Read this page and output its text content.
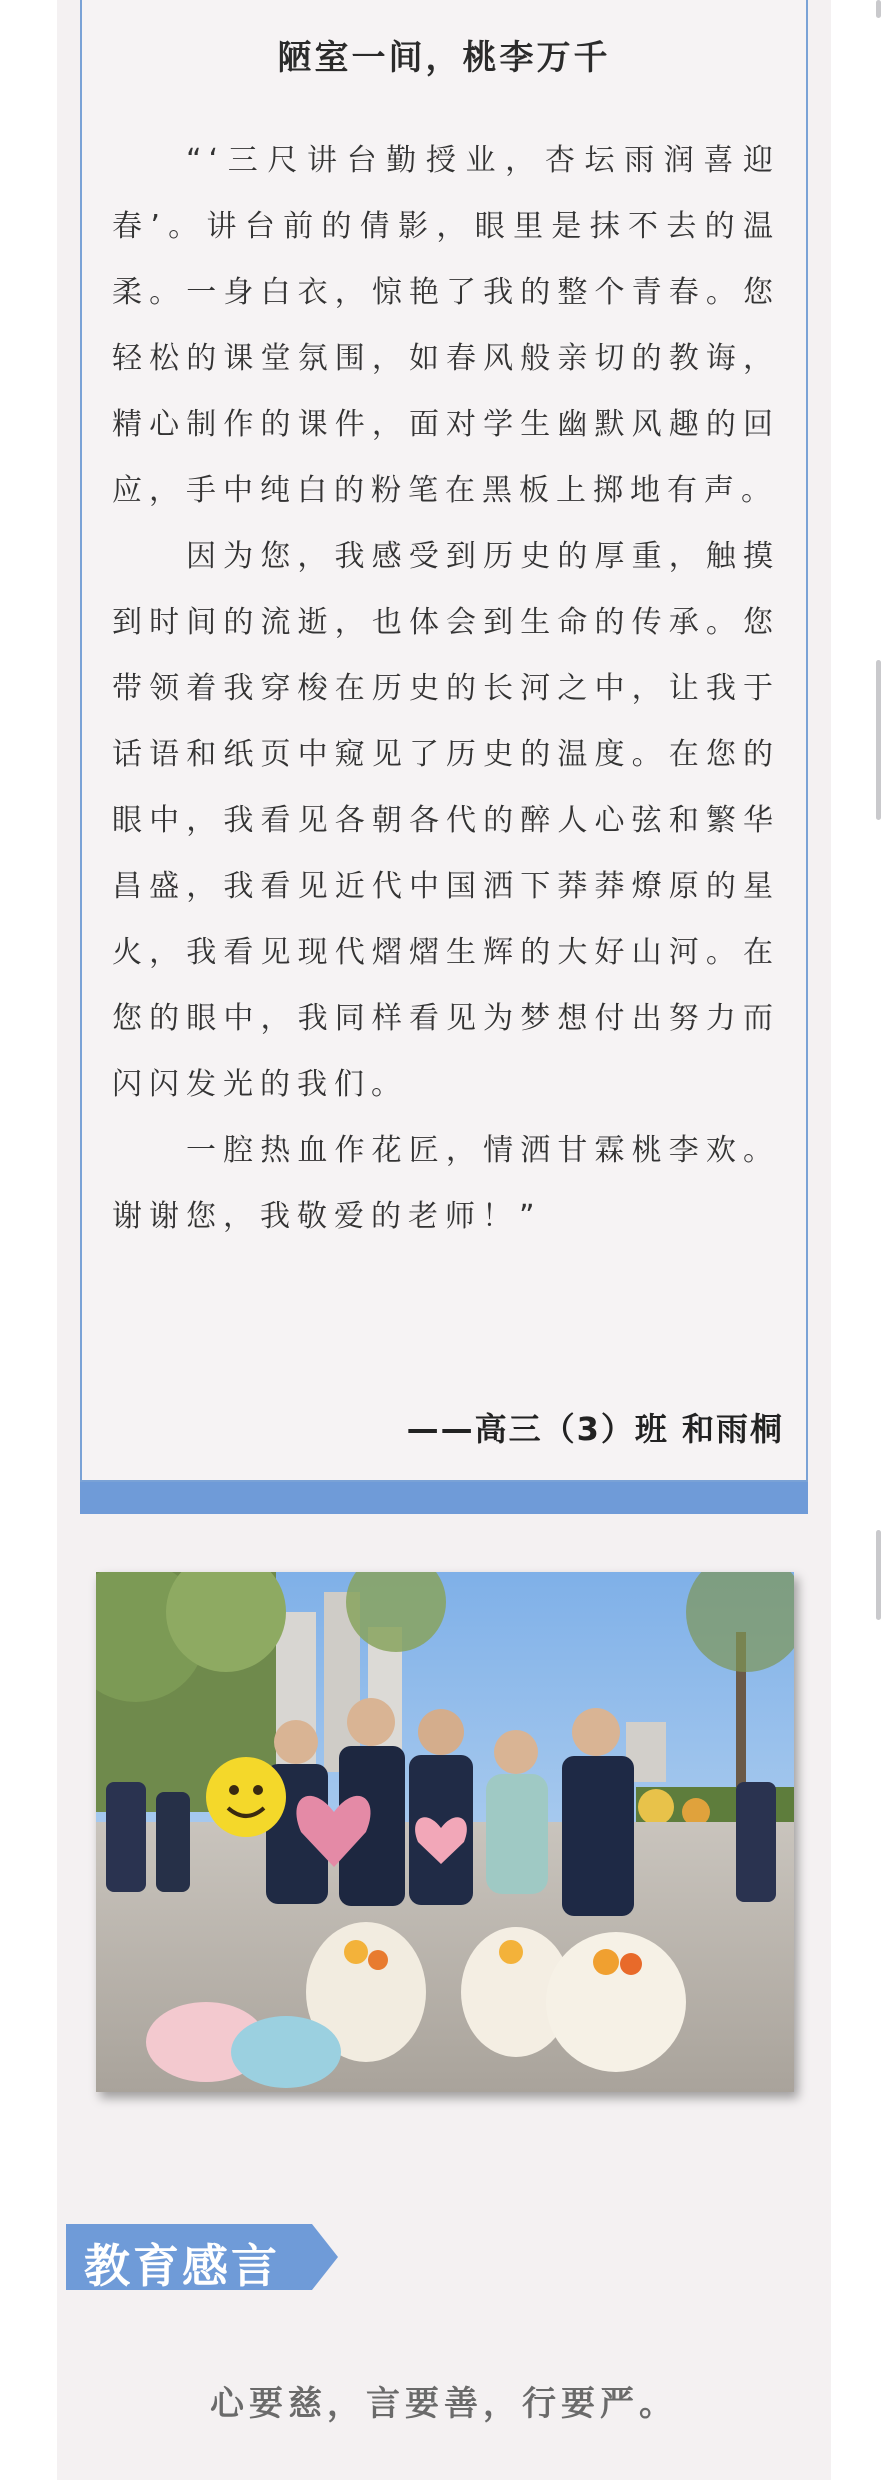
陋室一间，桃李万千

“‘三尺讲台勤授业，杏坛雨润喜迎春’。讲台前的倩影，眼里是抹不去的温柔。一身白衣，惊艳了我的整个青春。您轻松的课堂氛围，如春风般亲切的教诲，精心制作的课件，面对学生幽默风趣的回应，手中纯白的粉笔在黑板上掷地有声。

因为您，我感受到历史的厚重，触摸到时间的流逝，也体会到生命的传承。您带领着我穿梭在历史的长河之中，让我于话语和纸页中窥见了历史的温度。在您的眼中，我看见各朝各代的醉人心弦和繁华昌盛，我看见近代中国洒下莽莽燎原的星火，我看见现代熠熠生辉的大好山河。在您的眼中，我同样看见为梦想付出努力而闪闪发光的我们。

一腔热血作花匠，情洒甘霖桃李欢。谢谢您，我敬爱的老师！”

——高三（3）班 和雨桐
教育感言
心要慈，言要善，行要严。
